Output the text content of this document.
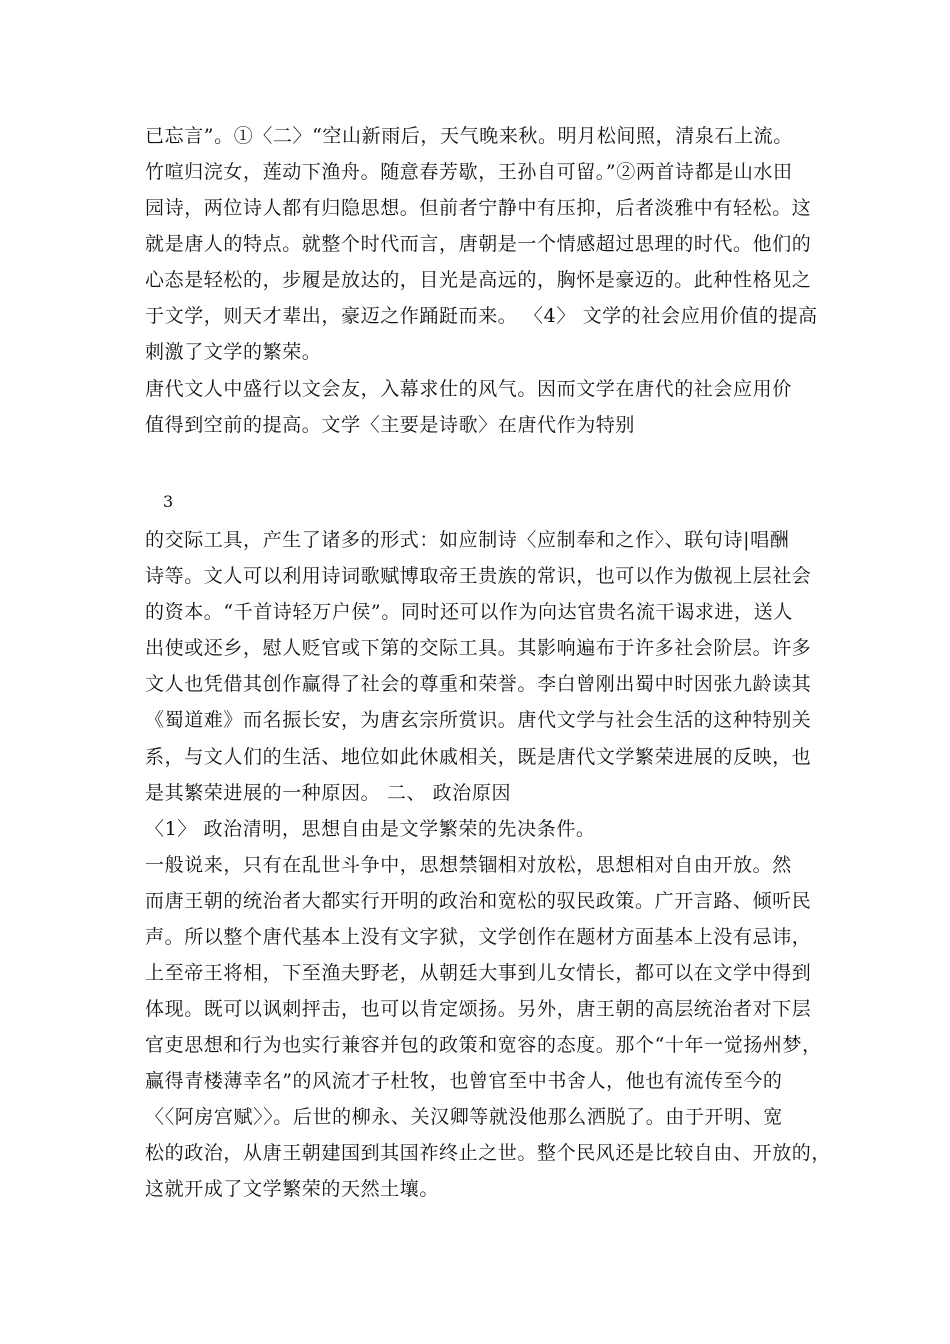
已忘言”。①〈二〉“空山新雨后，天气晚来秋。明月松间照，清泉石上流。
竹喧归浣女，莲动下渔舟。随意春芳歇，王孙自可留。”②两首诗都是山水田
园诗，两位诗人都有归隐思想。但前者宁静中有压抑，后者淡雅中有轻松。这
就是唐人的特点。就整个时代而言，唐朝是一个情感超过思理的时代。他们的
心态是轻松的，步履是放达的，目光是高远的，胸怀是豪迈的。此种性格见之
于文学，则天才辈出，豪迈之作踊跹而来。 〈4〉 文学的社会应用价值的提高
刺激了文学的繁荣。
唐代文人中盛行以文会友，入幕求仕的风气。因而文学在唐代的社会应用价
值得到空前的提高。文学〈主要是诗歌〉在唐代作为特别
3
的交际工具，产生了诸多的形式：如应制诗〈应制奉和之作〉、联句诗|唱酬
诗等。文人可以利用诗词歌赋博取帝王贵族的常识，也可以作为傲视上层社会
的资本。“千首诗轻万户侯”。同时还可以作为向达官贵名流干谒求进，送人
出使或还乡，慰人贬官或下第的交际工具。其影响遍布于许多社会阶层。许多
文人也凭借其创作赢得了社会的尊重和荣誉。李白曾刚出蜀中时因张九龄读其
《蜀道难》而名振长安，为唐玄宗所赏识。唐代文学与社会生活的这种特别关
系，与文人们的生活、地位如此休戚相关，既是唐代文学繁荣进展的反映，也
是其繁荣进展的一种原因。 二、 政治原因
〈1〉 政治清明，思想自由是文学繁荣的先决条件。
一般说来，只有在乱世斗争中，思想禁锢相对放松，思想相对自由开放。然
而唐王朝的统治者大都实行开明的政治和宽松的驭民政策。广开言路、倾听民
声。所以整个唐代基本上没有文字狱，文学创作在题材方面基本上没有忌讳，
上至帝王将相，下至渔夫野老，从朝廷大事到儿女情长，都可以在文学中得到
体现。既可以讽刺抨击，也可以肯定颂扬。另外，唐王朝的高层统治者对下层
官吏思想和行为也实行兼容并包的政策和宽容的态度。那个“十年一觉扬州梦，
赢得青楼薄幸名”的风流才子杜牧，也曾官至中书舍人，他也有流传至今的
〈〈阿房宫赋〉〉。后世的柳永、关汉卿等就没他那么洒脱了。由于开明、宽
松的政治，从唐王朝建国到其国祚终止之世。整个民风还是比较自由、开放的，
这就开成了文学繁荣的天然土壤。
